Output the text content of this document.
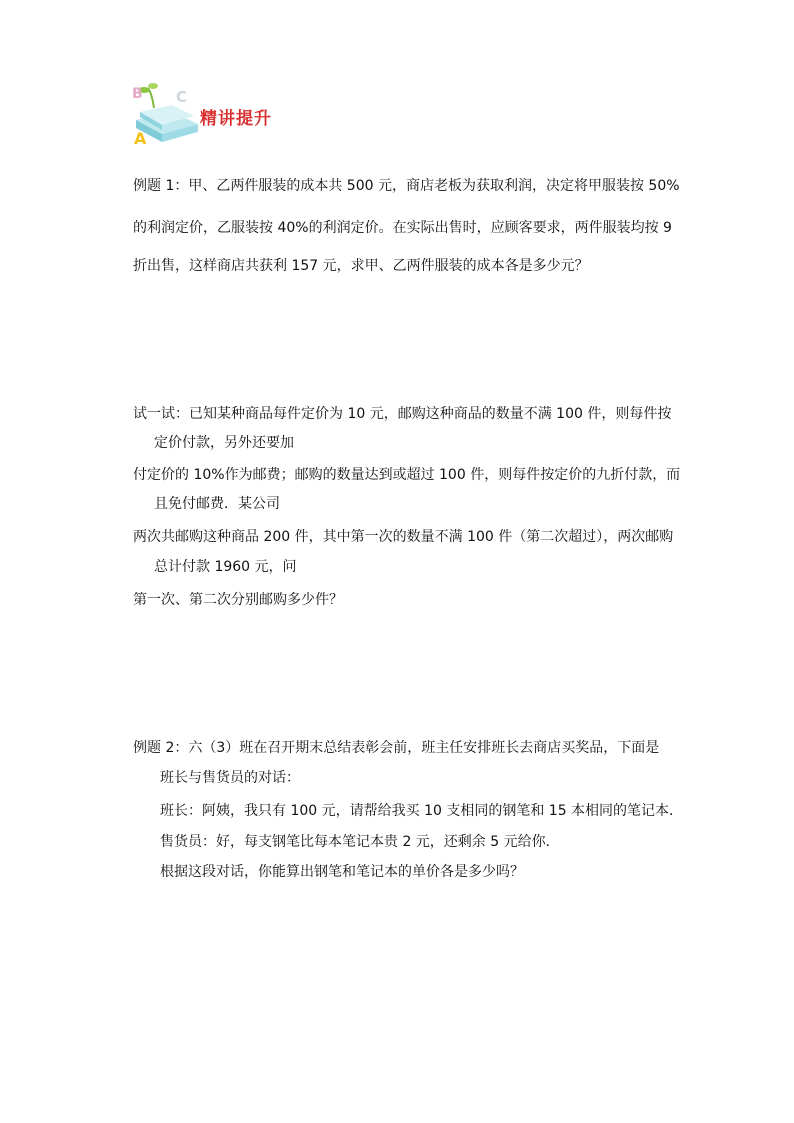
A
B C
精讲提升
例题 1：甲、乙两件服装的成本共 500 元，商店老板为获取利润，决定将甲服装按 50%
的利润定价，乙服装按 40%的利润定价。在实际出售时，应顾客要求，两件服装均按 9
折出售，这样商店共获利 157 元，求甲、乙两件服装的成本各是多少元？
试一试：已知某种商品每件定价为 10 元，邮购这种商品的数量不满 100 件，则每件按
定价付款，另外还要加
付定价的 10%作为邮费；邮购的数量达到或超过 100 件，则每件按定价的九折付款，而
且免付邮费．某公司
两次共邮购这种商品 200 件，其中第一次的数量不满 100 件（第二次超过），两次邮购
总计付款 1960 元，问
第一次、第二次分别邮购多少件？
例题 2：六（3）班在召开期末总结表彰会前，班主任安排班长去商店买奖品，下面是
班长与售货员的对话：
班长：阿姨，我只有 100 元，请帮给我买 10 支相同的钢笔和 15 本相同的笔记本．
售货员：好，每支钢笔比每本笔记本贵 2 元，还剩余 5 元给你．
根据这段对话，你能算出钢笔和笔记本的单价各是多少吗？
